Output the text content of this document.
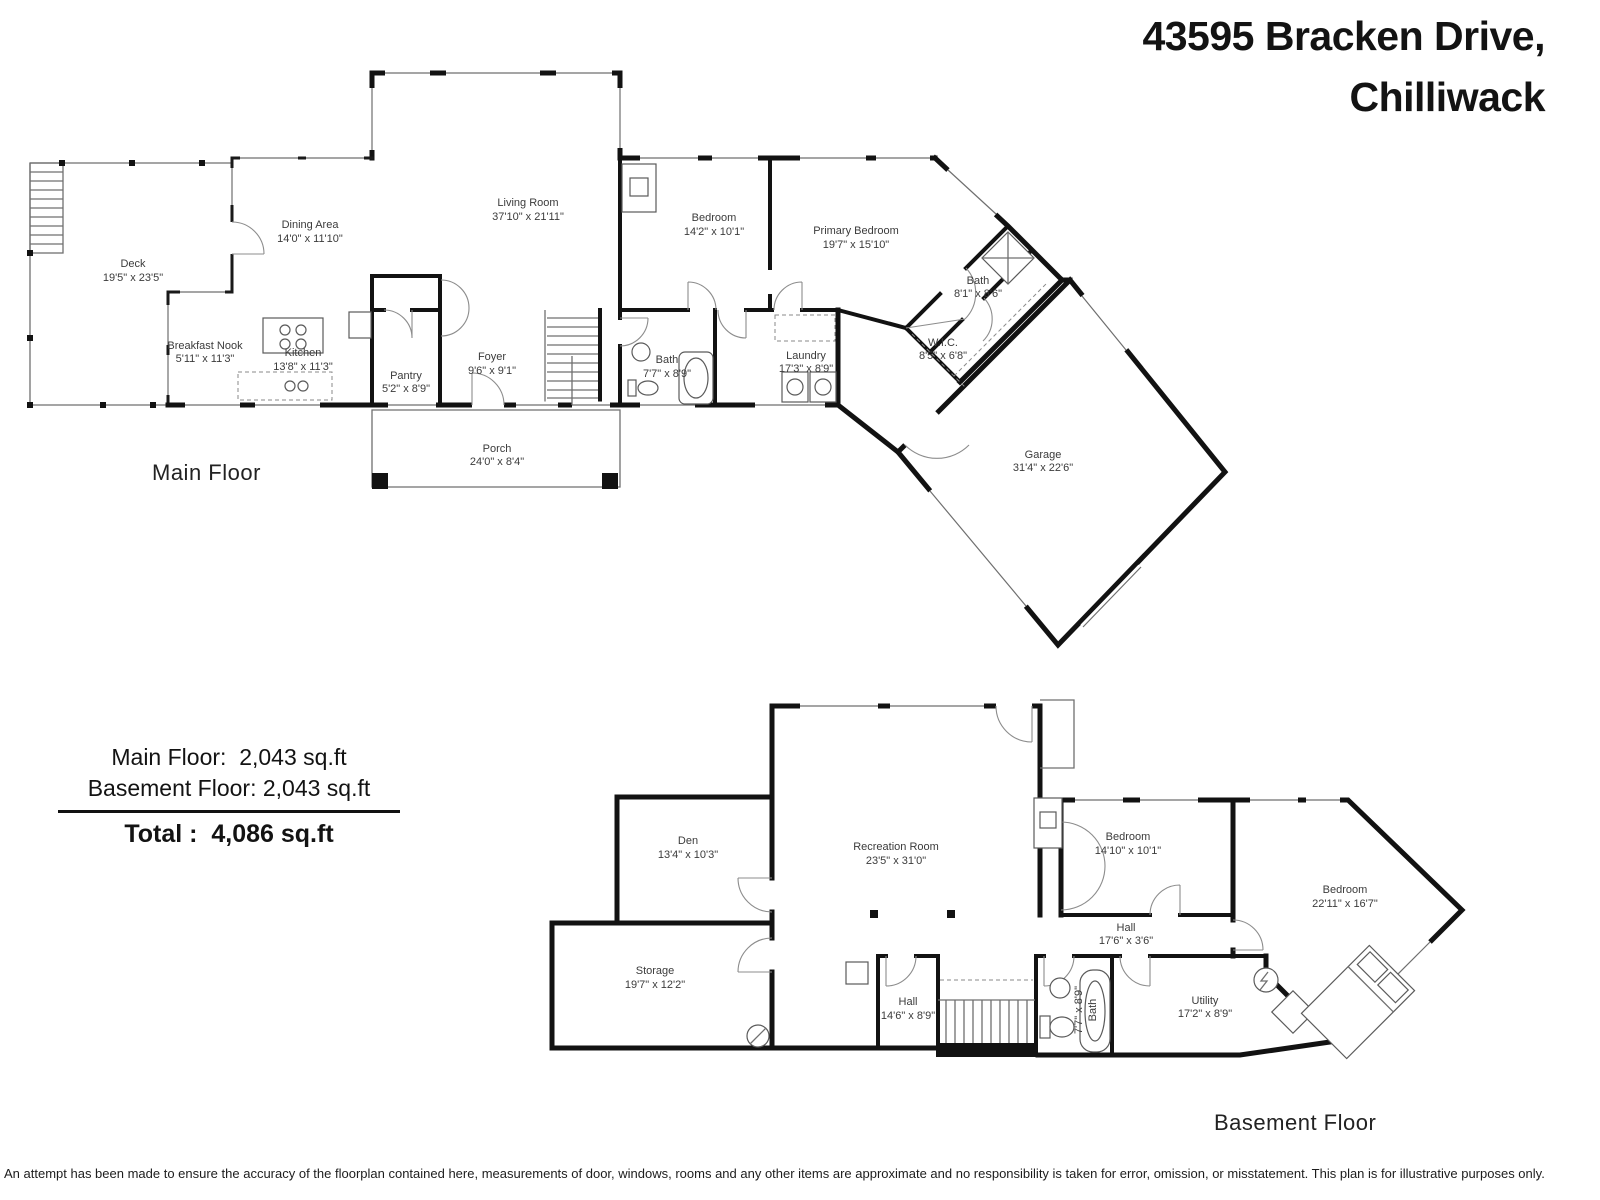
Deck
19'5" x 23'5"
Dining Area
14'0" x 11'10"
Living Room
37'10" x 21'11"	Bedroom
14'2" x 10'1"	Primary Bedroom
19'7" x 15'10"
Bath
8'1" x 8'6"
W.I.C.
8'5" x 6'8"
Breakfast Nook
5'11" x 11'3"	Kitchen
13'8" x 11'3"
Pantry
5'2" x 8'9"
Foyer
9'6" x 9'1"
Bath
7'7" x 8'9"
Laundry
17'3" x 8'9"
Porch
24'0" x 8'4"
Garage
31'4" x 22'6"
Den
13'4" x 10'3"
Recreation Room
23'5" x 31'0"
Storage
19'7" x 12'2"
Hall
14'6" x 8'9"
Hall
17'6" x 3'6"
Bedroom
14'10" x 10'1"
Bedroom
22'11" x 16'7"
Bath
7'7" x 8'9"	Utility
17'2" x 8'9"
43595 Bracken Drive,
Chilliwack
Main Floor
Basement Floor
Main Floor: 2,043 sq.ft
Basement Floor: 2,043 sq.ft
Total : 4,086 sq.ft
An attempt has been made to ensure the accuracy of the floorplan contained here, measurements of door, windows, rooms and any other items are approximate and no responsibility is taken for error, omission, or misstatement. This plan is for illustrative purposes only.
